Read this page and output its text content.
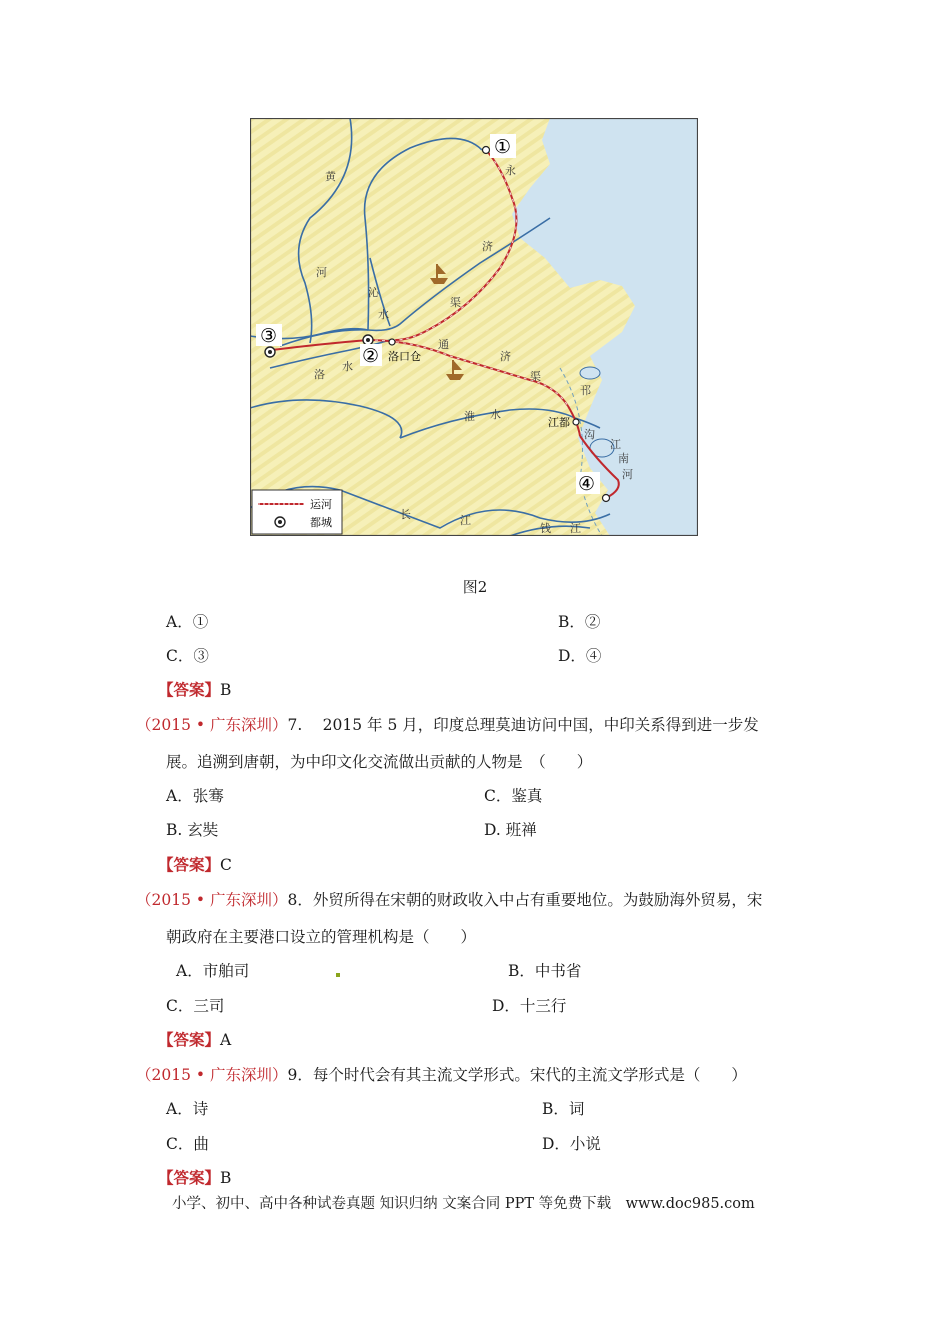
①
②
③
④
洛口仓
江都
黄
河
永
济
渠
沁
水
洛
水
通
济
渠
淮 水
邗
沟
江
南
河
长	江
钱 江
运河
都城
图2
A．①	B．②
C．③	D．④
【答案】B
（2015 • 广东深圳）7.　 2015 年 5 月，印度总理莫迪访问中国，中印关系得到进一步发
展。追溯到唐朝，为中印文化交流做出贡献的人物是　（　　）
A．张骞	C．鉴真
B. 玄奘	D. 班禅
【答案】C
（2015 • 广东深圳）8．外贸所得在宋朝的财政收入中占有重要地位。为鼓励海外贸易，宋
朝政府在主要港口设立的管理机构是（　　）
A．市舶司	B．中书省
C．三司	D．十三行
【答案】A
（2015 • 广东深圳）9．每个时代会有其主流文学形式。宋代的主流文学形式是（　　）
A．诗	B．词
C．曲	D．小说
【答案】B
小学、初中、高中各种试卷真题 知识归纳 文案合同 PPT 等免费下载　www.doc985.com
